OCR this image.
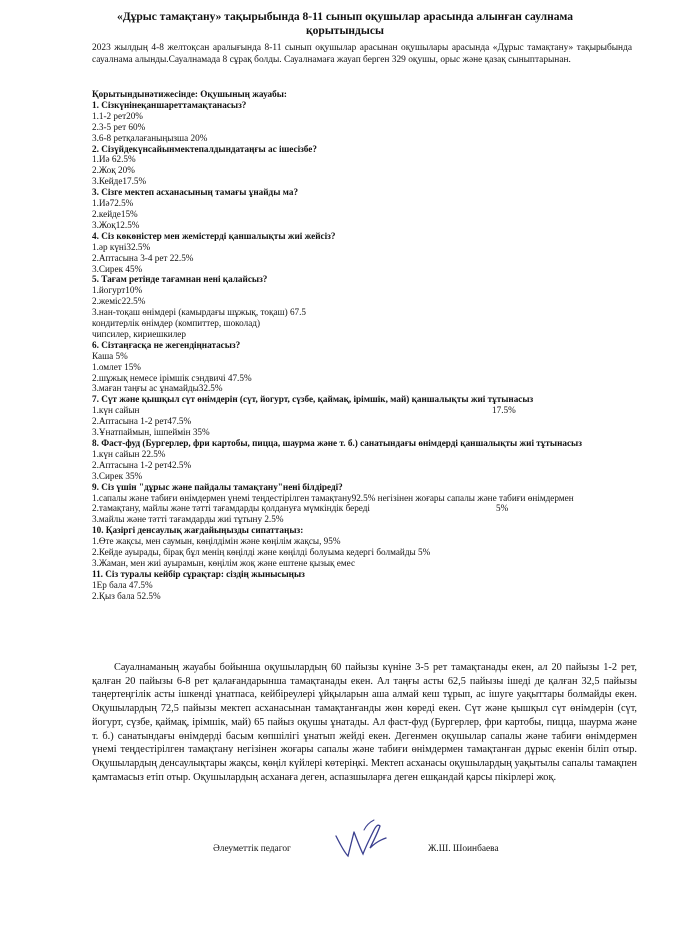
«Дұрыс тамақтану» тақырыбында 8-11 сынып оқушылар арасында алынған саулнама
қорытындысы
2023 жылдың 4-8 желтоқсан аралығында 8-11 сынып оқушылар арасынан оқушылары арасында «Дұрыс тамақтану» тақырыбында сауалнама алынды.Сауалнамада 8 сұрақ болды. Сауалнамаға жауап берген 329 оқушы, орыс және қазақ сыныптарынан.
Қорытындынәтижесінде: Оқушының жауабы:
1. Сізкүнінеқаншареттамақтанасыз?
1.1-2 рет20%
2.3-5 рет 60%
3.6-8 ретқалағаныңызша 20%
2. Сізүйдекүнсайынмектепалдындатаңғы ас ішесізбе?
1.Иә 62.5%
2.Жоқ 20%
3.Кейде17.5%
3. Сізге мектеп асханасының тамағы ұнайды ма?
1.Иә72.5%
2.кейде15%
3.Жоқ12.5%
4. Сіз көкөністер мен жемістерді қаншалықты жиі жейсіз?
1.әр күні32.5%
2.Аптасына 3-4 рет 22.5%
3.Сирек 45%
5. Тағам ретінде тағамнан нені қалайсыз?
1.йогурт10%
2.жеміс22.5%
3.нан-тоқаш өнімдері (камырдағы шұжық, тоқаш) 67.5
кондитерлік өнімдер (компиттер, шоколад)
чипсилер, кириешкилер
6. Сізтаңғасқа не жегендіңнатасыз?
Каша 5%
1.омлет 15%
2.шұжық немесе ірімшік сэндвичі 47.5%
3.маған таңғы ас ұнамайды32.5%
7. Сүт және қышқыл сүт өнімдерін (сүт, йогурт, сүзбе, қаймақ, ірімшік, май) қаншалықты жиі тұтынасыз
1.күн сайын	17.5%
2.Аптасына 1-2 рет47.5%
3.Ұнатпаймын, ішпеймін 35%
8. Фаст-фуд (Бургерлер, фри картобы, пицца, шаурма және т. б.) санатындағы өнімдерді қаншалықты жиі тұтынасыз
1.күн сайын 22.5%
2.Аптасына 1-2 рет42.5%
3.Сирек 35%
9. Сіз үшін "дұрыс және пайдалы тамақтану"нені білдіреді?
1.сапалы және табиғи өнімдермен үнемі теңдестірілген тамақтану92.5% негізінен жоғары сапалы және табиғи өнімдермен
2.тамақтану, майлы және тәтті тағамдарды қолдануға мүмкіндік береді	5%
3.майлы және тәтті тағамдарды жиі тұтыну 2.5%
10. Қазіргі денсаулық жағдайыңызды сипаттаңыз:
1.Өте жақсы, мен саумын, көңілдімін және көңілім жақсы, 95%
2.Кейде ауырады, бірақ бұл менің көңілді және көңілді болуыма кедергі болмайды 5%
3.Жаман, мен жиі ауырамын, көңілім жоқ және ештене қызық емес
11. Сіз туралы кейбір сұрақтар: сіздің жынысыңыз
1Ер бала 47.5%
2.Қыз бала 52.5%
Сауалнаманың жауабы бойынша оқушылардың 60 пайызы күніне 3-5 рет тамақтанады екен, ал 20 пайызы 1-2 рет, қалған 20 пайызы 6-8 рет қалағандарынша тамақтанады екен. Ал таңғы асты 62,5 пайызы ішеді де қалған 32,5 пайызы таңертеңгілік асты ішкенді ұнатпаса, кейбіреулері ұйқыларын аша алмай кеш тұрып, ас ішуге уақыттары болмайды екен. Оқушылардың 72,5 пайызы мектеп асханасынан тамақтанғанды жөн көреді екен. Сүт және қышқыл сүт өнімдерін (сүт, йогурт, сүзбе, қаймақ, ірімшік, май) 65 пайыз оқушы ұнатады. Ал фаст-фуд (Бургерлер, фри картобы, пицца, шаурма және т. б.) санатындағы өнімдерді басым көпшілігі ұнатып жейді екен. Дегенмен оқушылар сапалы және табиғи өнімдермен үнемі теңдестірілген тамақтану негізінен жоғары сапалы және табиғи өнімдермен тамақтанған дұрыс екенін біліп отыр. Оқушылардың денсаулықтары жақсы, көңіл күйлері көтеріңкі. Мектеп асханасы оқушылардың уақытылы сапалы тамақпен қамтамасыз етіп отыр. Оқушылардың асханаға деген, аспазшыларға деген ешқандай қарсы пікірлері жоқ.
Әлеуметтік педагог	Ж.Ш. Шоинбаева
